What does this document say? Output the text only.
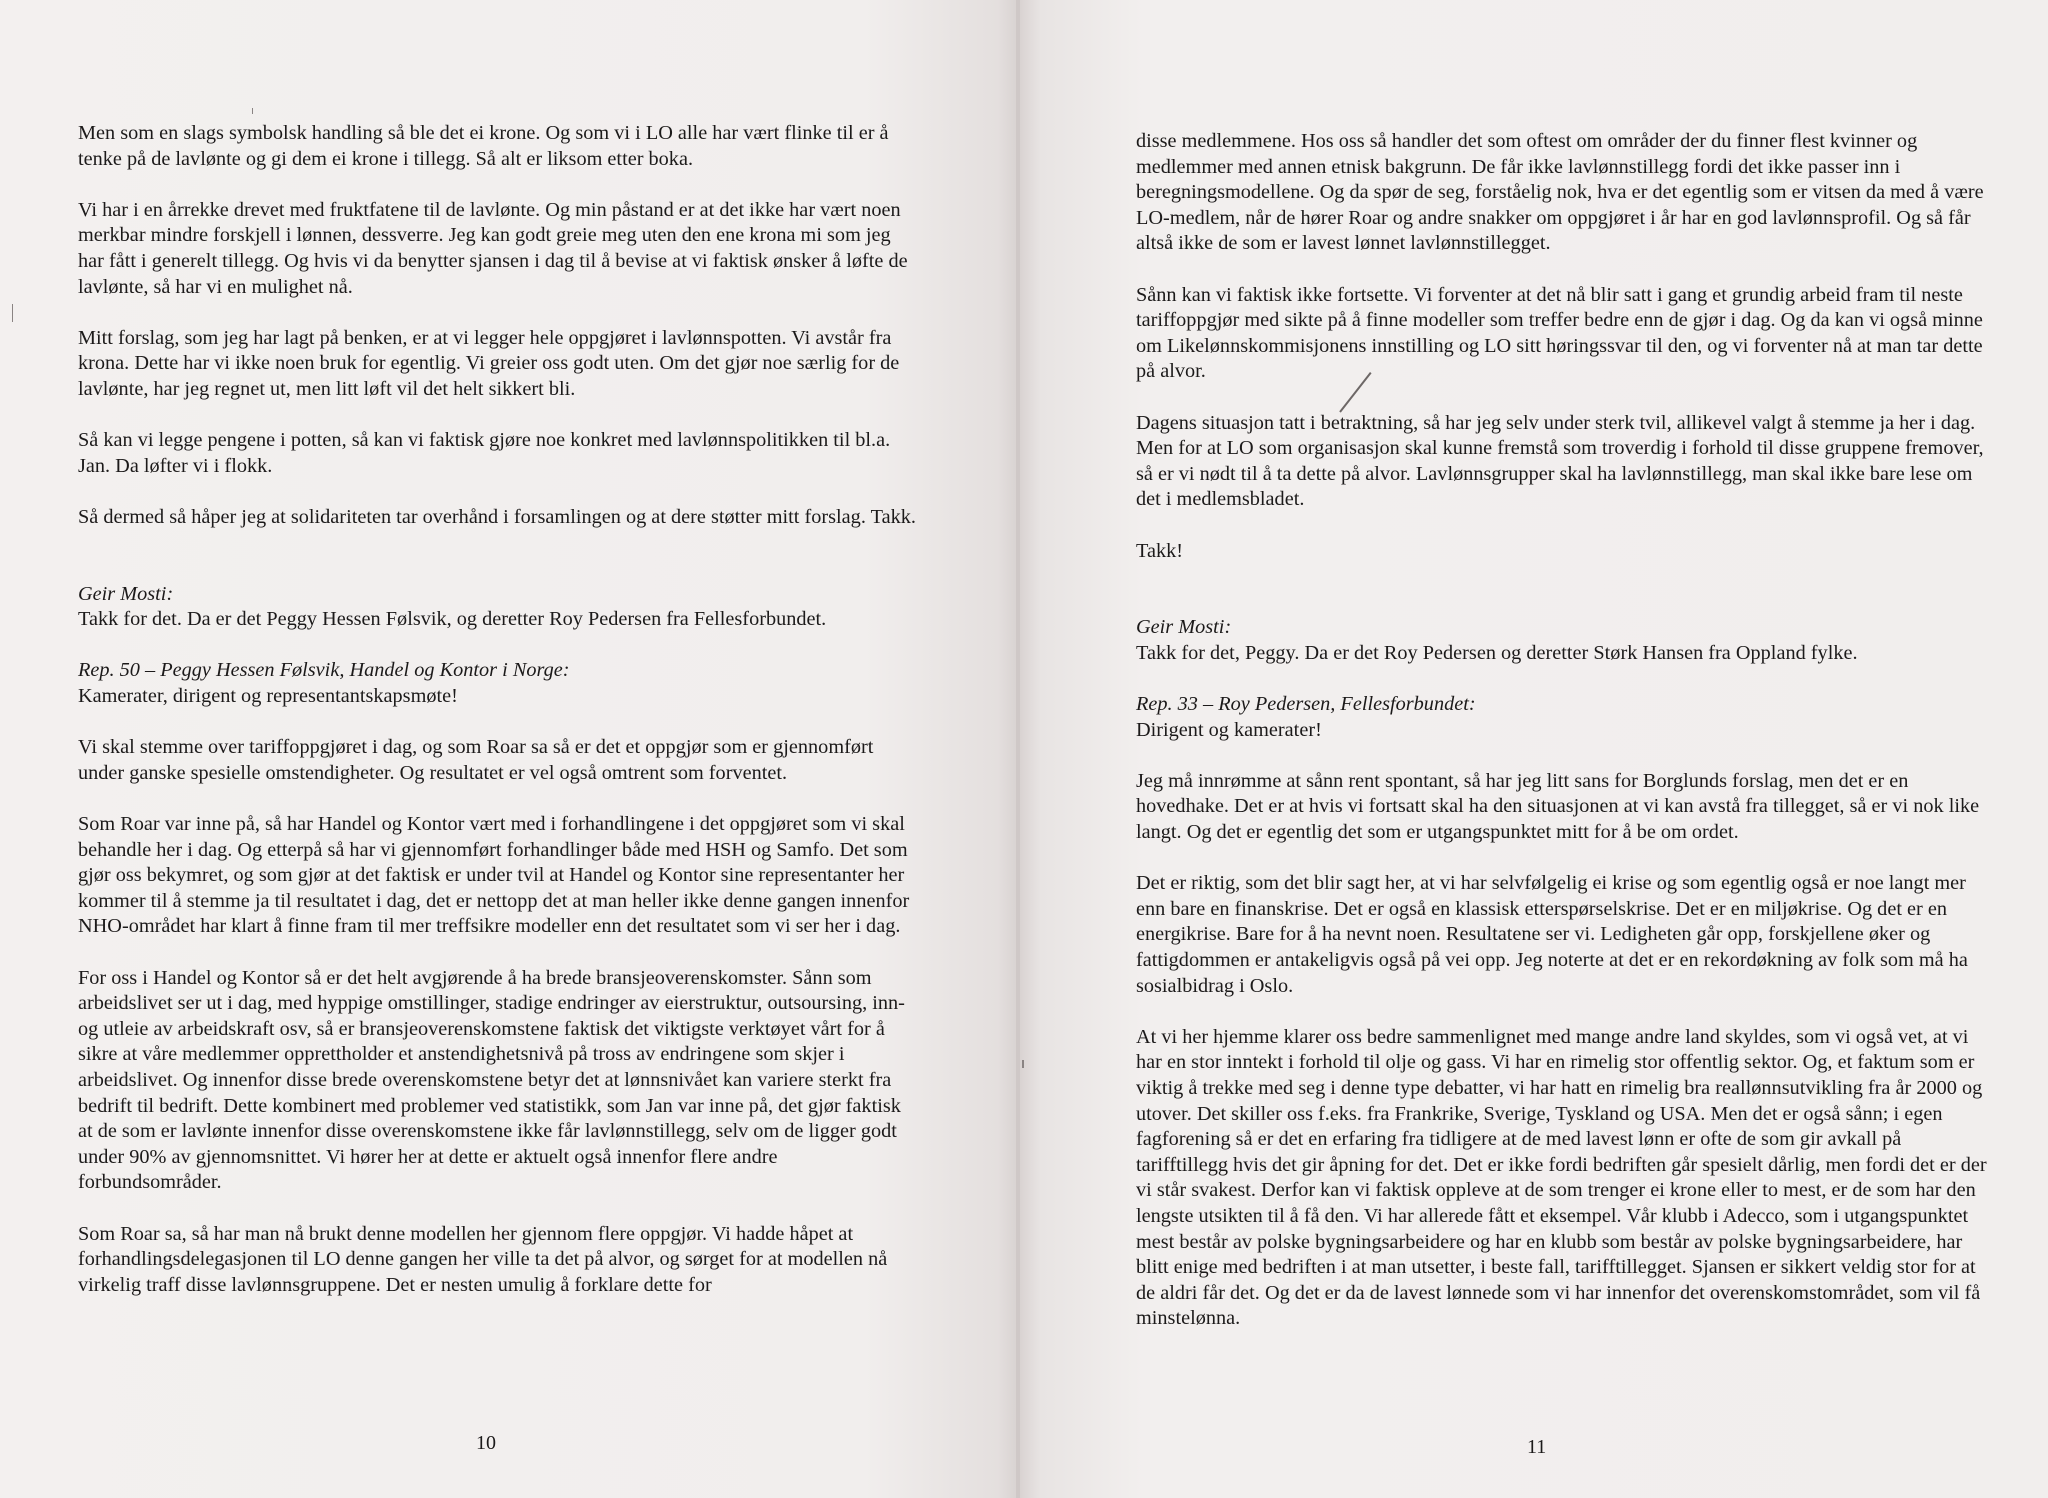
Men som en slags symbolsk handling så ble det ei krone. Og som vi i LO alle har vært flinke til er å tenke på de lavlønte og gi dem ei krone i tillegg. Så alt er liksom etter boka.

Vi har i en årrekke drevet med fruktfatene til de lavlønte. Og min påstand er at det ikke har vært noen merkbar mindre forskjell i lønnen, dessverre. Jeg kan godt greie meg uten den ene krona mi som jeg har fått i generelt tillegg. Og hvis vi da benytter sjansen i dag til å bevise at vi faktisk ønsker å løfte de lavlønte, så har vi en mulighet nå.

Mitt forslag, som jeg har lagt på benken, er at vi legger hele oppgjøret i lavlønnspotten. Vi avstår fra krona. Dette har vi ikke noen bruk for egentlig. Vi greier oss godt uten. Om det gjør noe særlig for de lavlønte, har jeg regnet ut, men litt løft vil det helt sikkert bli.

Så kan vi legge pengene i potten, så kan vi faktisk gjøre noe konkret med lavlønnspolitikken til bl.a. Jan. Da løfter vi i flokk.

Så dermed så håper jeg at solidariteten tar overhånd i forsamlingen og at dere støtter mitt forslag. Takk.

Geir Mosti:
Takk for det. Da er det Peggy Hessen Følsvik, og deretter Roy Pedersen fra Fellesforbundet.

Rep. 50 – Peggy Hessen Følsvik, Handel og Kontor i Norge:
Kamerater, dirigent og representantskapsmøte!

Vi skal stemme over tariffoppgjøret i dag, og som Roar sa så er det et oppgjør som er gjennomført under ganske spesielle omstendigheter. Og resultatet er vel også omtrent som forventet.

Som Roar var inne på, så har Handel og Kontor vært med i forhandlingene i det oppgjøret som vi skal behandle her i dag. Og etterpå så har vi gjennomført forhandlinger både med HSH og Samfo. Det som gjør oss bekymret, og som gjør at det faktisk er under tvil at Handel og Kontor sine representanter her kommer til å stemme ja til resultatet i dag, det er nettopp det at man heller ikke denne gangen innenfor NHO-området har klart å finne fram til mer treffsikre modeller enn det resultatet som vi ser her i dag.

For oss i Handel og Kontor så er det helt avgjørende å ha brede bransjeoverenskomster. Sånn som arbeidslivet ser ut i dag, med hyppige omstillinger, stadige endringer av eierstruktur, outsoursing, inn- og utleie av arbeidskraft osv, så er bransjeoverenskomstene faktisk det viktigste verktøyet vårt for å sikre at våre medlemmer opprettholder et anstendighetsnivå på tross av endringene som skjer i arbeidslivet. Og innenfor disse brede overenskomstene betyr det at lønnsnivået kan variere sterkt fra bedrift til bedrift. Dette kombinert med problemer ved statistikk, som Jan var inne på, det gjør faktisk at de som er lavlønte innenfor disse overenskomstene ikke får lavlønnstillegg, selv om de ligger godt under 90% av gjennomsnittet. Vi hører her at dette er aktuelt også innenfor flere andre forbundsområder.

Som Roar sa, så har man nå brukt denne modellen her gjennom flere oppgjør. Vi hadde håpet at forhandlingsdelegasjonen til LO denne gangen her ville ta det på alvor, og sørget for at modellen nå virkelig traff disse lavlønnsgruppene. Det er nesten umulig å forklare dette for

10

disse medlemmene. Hos oss så handler det som oftest om områder der du finner flest kvinner og medlemmer med annen etnisk bakgrunn. De får ikke lavlønnstillegg fordi det ikke passer inn i beregningsmodellene. Og da spør de seg, forståelig nok, hva er det egentlig som er vitsen da med å være LO-medlem, når de hører Roar og andre snakker om oppgjøret i år har en god lavlønnsprofil. Og så får altså ikke de som er lavest lønnet lavlønnstillegget.

Sånn kan vi faktisk ikke fortsette. Vi forventer at det nå blir satt i gang et grundig arbeid fram til neste tariffoppgjør med sikte på å finne modeller som treffer bedre enn de gjør i dag. Og da kan vi også minne om Likelønnskommisjonens innstilling og LO sitt høringssvar til den, og vi forventer nå at man tar dette på alvor.

Dagens situasjon tatt i betraktning, så har jeg selv under sterk tvil, allikevel valgt å stemme ja her i dag. Men for at LO som organisasjon skal kunne fremstå som troverdig i forhold til disse gruppene fremover, så er vi nødt til å ta dette på alvor. Lavlønnsgrupper skal ha lavlønnstillegg, man skal ikke bare lese om det i medlemsbladet.

Takk!

Geir Mosti:
Takk for det, Peggy. Da er det Roy Pedersen og deretter Størk Hansen fra Oppland fylke.

Rep. 33 – Roy Pedersen, Fellesforbundet:
Dirigent og kamerater!

Jeg må innrømme at sånn rent spontant, så har jeg litt sans for Borglunds forslag, men det er en hovedhake. Det er at hvis vi fortsatt skal ha den situasjonen at vi kan avstå fra tillegget, så er vi nok like langt. Og det er egentlig det som er utgangspunktet mitt for å be om ordet.

Det er riktig, som det blir sagt her, at vi har selvfølgelig ei krise og som egentlig også er noe langt mer enn bare en finanskrise. Det er også en klassisk etterspørselskrise. Det er en miljøkrise. Og det er en energikrise. Bare for å ha nevnt noen. Resultatene ser vi. Ledigheten går opp, forskjellene øker og fattigdommen er antakeligvis også på vei opp. Jeg noterte at det er en rekordøkning av folk som må ha sosialbidrag i Oslo.

At vi her hjemme klarer oss bedre sammenlignet med mange andre land skyldes, som vi også vet, at vi har en stor inntekt i forhold til olje og gass. Vi har en rimelig stor offentlig sektor. Og, et faktum som er viktig å trekke med seg i denne type debatter, vi har hatt en rimelig bra reallønnsutvikling fra år 2000 og utover. Det skiller oss f.eks. fra Frankrike, Sverige, Tyskland og USA. Men det er også sånn; i egen fagforening så er det en erfaring fra tidligere at de med lavest lønn er ofte de som gir avkall på tarifftillegg hvis det gir åpning for det. Det er ikke fordi bedriften går spesielt dårlig, men fordi det er der vi står svakest. Derfor kan vi faktisk oppleve at de som trenger ei krone eller to mest, er de som har den lengste utsikten til å få den. Vi har allerede fått et eksempel. Vår klubb i Adecco, som i utgangspunktet mest består av polske bygningsarbeidere og har en klubb som består av polske bygningsarbeidere, har blitt enige med bedriften i at man utsetter, i beste fall, tarifftillegget. Sjansen er sikkert veldig stor for at de aldri får det. Og det er da de lavest lønnede som vi har innenfor det overenskomstområdet, som vil få minstelønna.

11
